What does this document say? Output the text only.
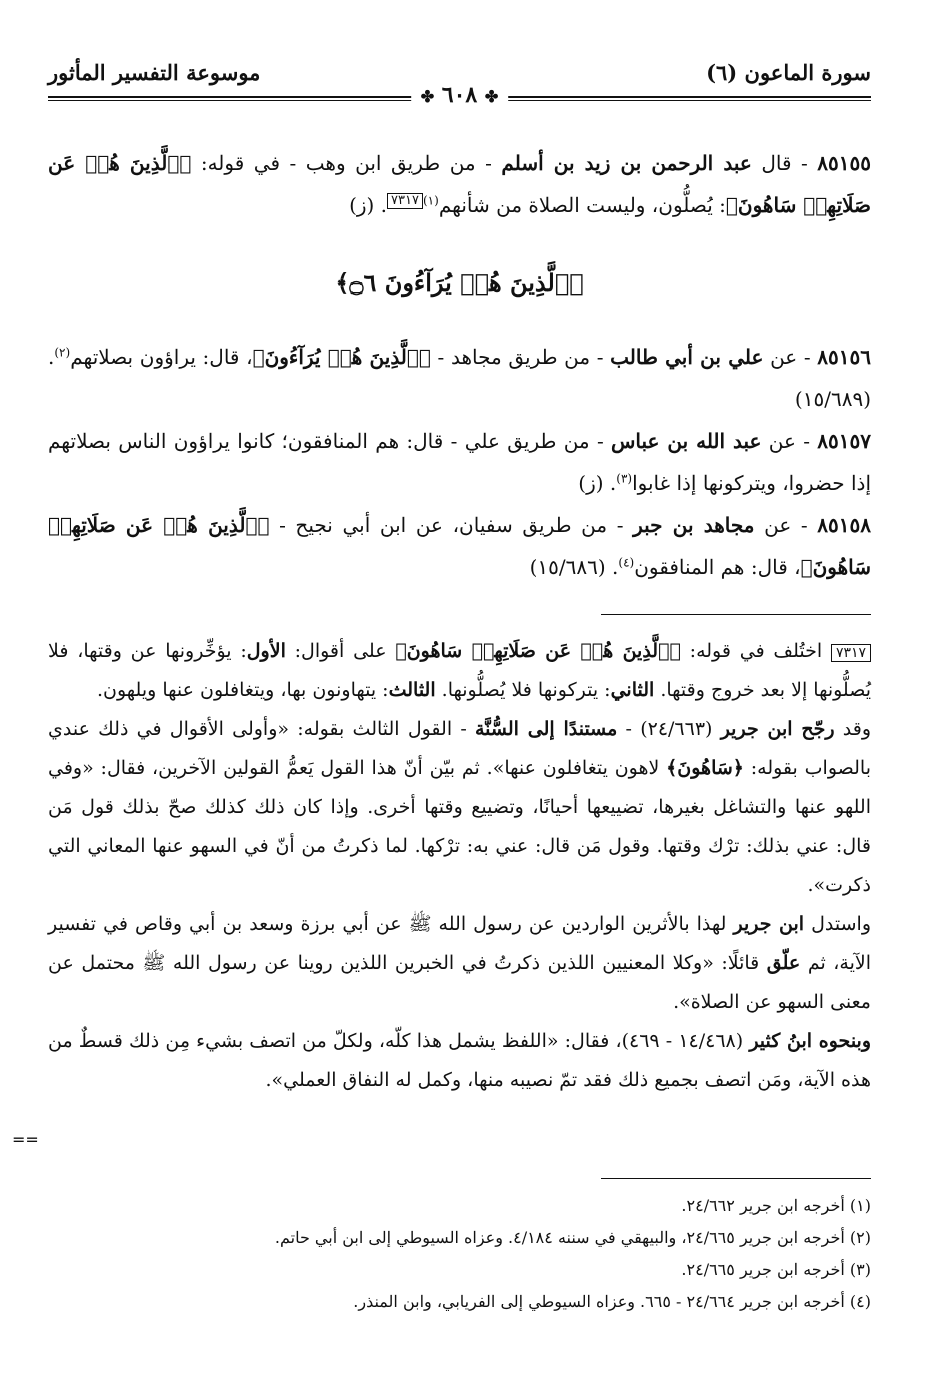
سورة الماعون (٦)
موسوعة التفسير المأثور
✤ ٦٠٨ ✤

٨٥١٥٥ - قال عبد الرحمن بن زيد بن أسلم - من طريق ابن وهب - في قوله: ﴿ٱلَّذِينَ هُمۡ عَن صَلَاتِهِمۡ سَاهُونَ﴾: يُصلُّون، وليست الصلاة من شأنهم$^{(١)}$٧٣١٧. (ز)

﴿ٱلَّذِينَ هُمۡ يُرَآءُونَ ۝٦﴾

٨٥١٥٦ - عن علي بن أبي طالب - من طريق مجاهد - ﴿ٱلَّذِينَ هُمۡ يُرَآءُونَ﴾، قال: يراؤون بصلاتهم$^{(٢)}$. (١٥/٦٨٩)

٨٥١٥٧ - عن عبد الله بن عباس - من طريق علي - قال: هم المنافقون؛ كانوا يراؤون الناس بصلاتهم إذا حضروا، ويتركونها إذا غابوا$^{(٣)}$. (ز)

٨٥١٥٨ - عن مجاهد بن جبر - من طريق سفيان، عن ابن أبي نجيح - ﴿ٱلَّذِينَ هُمۡ عَن صَلَاتِهِمۡ سَاهُونَ﴾، قال: هم المنافقون$^{(٤)}$. (١٥/٦٨٦)

٧٣١٧ اختُلف في قوله: ﴿ٱلَّذِينَ هُمۡ عَن صَلَاتِهِمۡ سَاهُونَ﴾ على أقوال: الأول: يؤخِّرونها عن وقتها، فلا يُصلُّونها إلا بعد خروج وقتها. الثاني: يتركونها فلا يُصلُّونها. الثالث: يتهاونون بها، ويتغافلون عنها ويلهون.

وقد رجّح ابن جرير (٢٤/٦٦٣) - مستندًا إلى السُّنَّة - القول الثالث بقوله: «وأولى الأقوال في ذلك عندي بالصواب بقوله: ﴿سَاهُونَ﴾ لاهون يتغافلون عنها». ثم بيّن أنّ هذا القول يَعمُّ القولين الآخرين، فقال: «وفي اللهو عنها والتشاغل بغيرها، تضييعها أحيانًا، وتضييع وقتها أخرى. وإذا كان ذلك كذلك صحّ بذلك قول مَن قال: عني بذلك: ترْك وقتها. وقول مَن قال: عني به: ترْكها. لما ذكرتُ من أنّ في السهو عنها المعاني التي ذكرت».

واستدل ابن جرير لهذا بالأثرين الواردين عن رسول الله ﷺ عن أبي برزة وسعد بن أبي وقاص في تفسير الآية، ثم علّق قائلًا: «وكلا المعنيين اللذين ذكرتُ في الخبرين اللذين روينا عن رسول الله ﷺ محتمل عن معنى السهو عن الصلاة».

وبنحوه ابنُ كثير (١٤/٤٦٨ - ٤٦٩)، فقال: «اللفظ يشمل هذا كلّه، ولكلّ من اتصف بشيء مِن ذلك قسطٌ من هذه الآية، ومَن اتصف بجميع ذلك فقد تمّ نصيبه منها، وكمل له النفاق العملي».

(١) أخرجه ابن جرير ٢٤/٦٦٢.

(٢) أخرجه ابن جرير ٢٤/٦٦٥، والبيهقي في سننه ٤/١٨٤. وعزاه السيوطي إلى ابن أبي حاتم.

(٣) أخرجه ابن جرير ٢٤/٦٦٥.

(٤) أخرجه ابن جرير ٢٤/٦٦٤ - ٦٦٥. وعزاه السيوطي إلى الفريابي، وابن المنذر.

==
